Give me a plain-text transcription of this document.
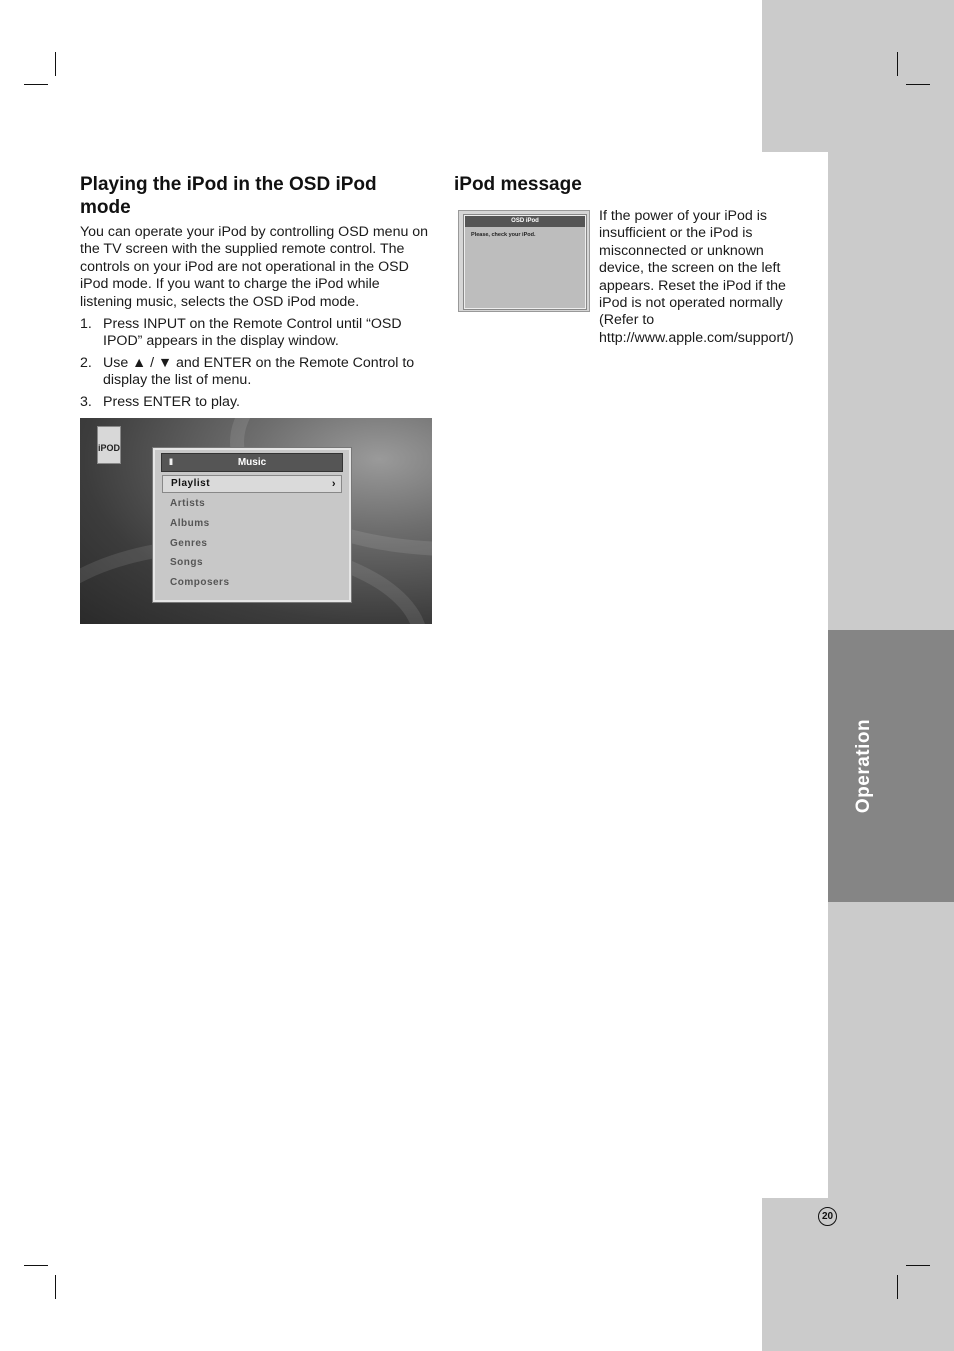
Operation
20
Playing the iPod in the OSD iPod mode

You can operate your iPod by controlling OSD menu on the TV screen with the supplied remote control. The controls on your iPod are not operational in the OSD iPod mode. If you want to charge the iPod while listening music, selects the OSD iPod mode.

1. Press INPUT on the Remote Control until “OSD IPOD” appears in the display window.
2. Use ▲ / ▼ and ENTER on the Remote Control to display the list of menu.
3. Press ENTER to play.
iPOD
II	Music
Playlist	›
Artists
Albums
Genres
Songs
Composers
iPod message
OSD iPod
Please, check your iPod.

If the power of your iPod is insufficient or the iPod is misconnected or unknown device, the screen on the left appears. Reset the iPod if the iPod is not operated normally (Refer to http://www.apple.com/support/)
